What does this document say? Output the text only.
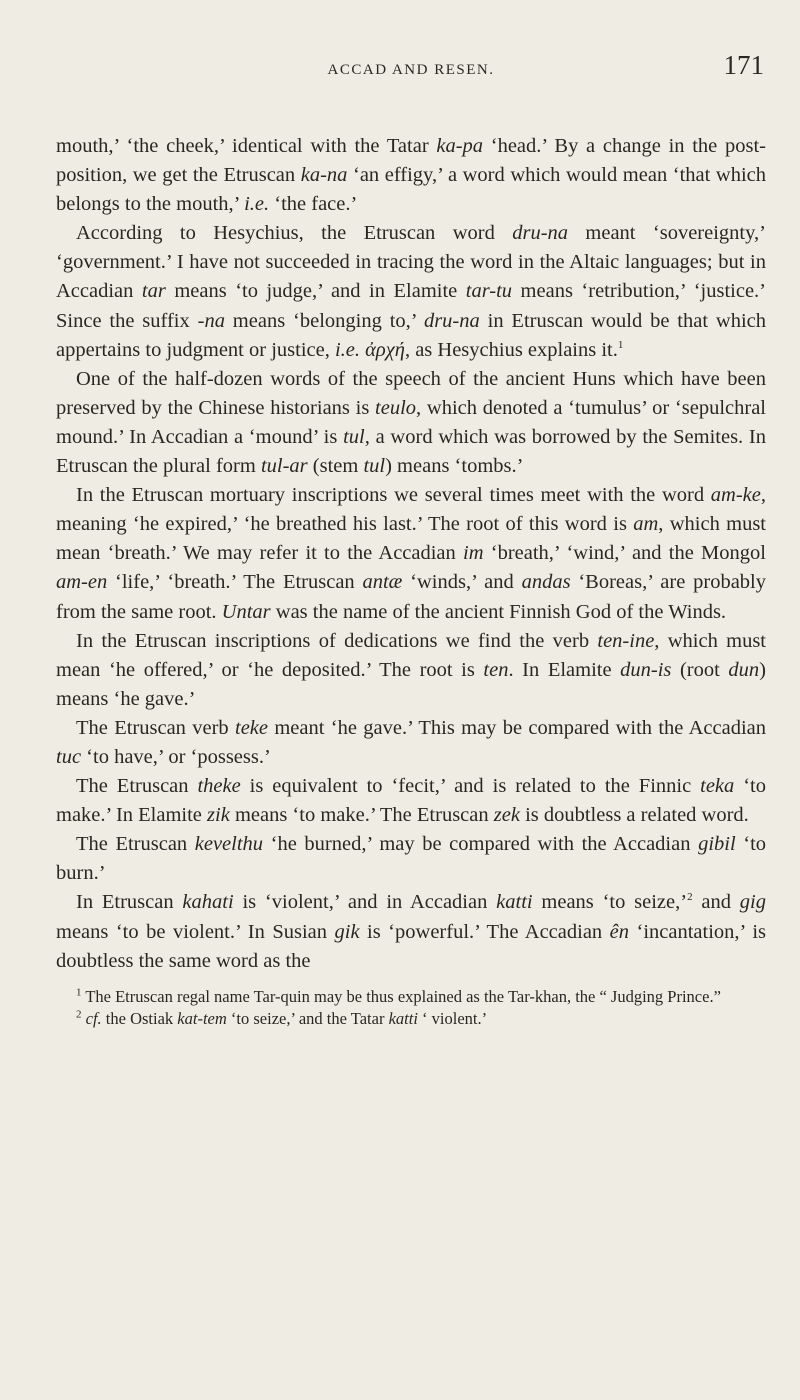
ACCAD AND RESEN.	171

mouth,’ ‘the cheek,’ identical with the Tatar ka-pa ‘head.’ By a change in the post-position, we get the Etruscan ka-na ‘an effigy,’ a word which would mean ‘that which belongs to the mouth,’ i.e. ‘the face.’

According to Hesychius, the Etruscan word dru-na meant ‘sovereignty,’ ‘government.’ I have not succeeded in tracing the word in the Altaic languages; but in Accadian tar means ‘to judge,’ and in Elamite tar-tu means ‘retribution,’ ‘justice.’ Since the suffix -na means ‘belonging to,’ dru-na in Etruscan would be that which appertains to judgment or justice, i.e. ἀρχή, as Hesychius explains it.$^1$

One of the half-dozen words of the speech of the ancient Huns which have been preserved by the Chinese historians is teulo, which denoted a ‘tumulus’ or ‘sepulchral mound.’ In Accadian a ‘mound’ is tul, a word which was borrowed by the Semites. In Etruscan the plural form tul-ar (stem tul) means ‘tombs.’

In the Etruscan mortuary inscriptions we several times meet with the word am-ke, meaning ‘he expired,’ ‘he breathed his last.’ The root of this word is am, which must mean ‘breath.’ We may refer it to the Accadian im ‘breath,’ ‘wind,’ and the Mongol am-en ‘life,’ ‘breath.’ The Etruscan antæ ‘winds,’ and andas ‘Boreas,’ are probably from the same root. Untar was the name of the ancient Finnish God of the Winds.

In the Etruscan inscriptions of dedications we find the verb ten-ine, which must mean ‘he offered,’ or ‘he deposited.’ The root is ten. In Elamite dun-is (root dun) means ‘he gave.’

The Etruscan verb teke meant ‘he gave.’ This may be compared with the Accadian tuc ‘to have,’ or ‘possess.’

The Etruscan theke is equivalent to ‘fecit,’ and is related to the Finnic teka ‘to make.’ In Elamite zik means ‘to make.’ The Etruscan zek is doubtless a related word.

The Etruscan kevelthu ‘he burned,’ may be compared with the Accadian gibil ‘to burn.’

In Etruscan kahati is ‘violent,’ and in Accadian katti means ‘to seize,’$^2$ and gig means ‘to be violent.’ In Susian gik is ‘powerful.’ The Accadian ên ‘incantation,’ is doubtless the same word as the

$^1$ The Etruscan regal name Tar-quin may be thus explained as the Tar-khan, the “ Judging Prince.”

$^2$ cf. the Ostiak kat-tem ‘to seize,’ and the Tatar katti ‘ violent.’
